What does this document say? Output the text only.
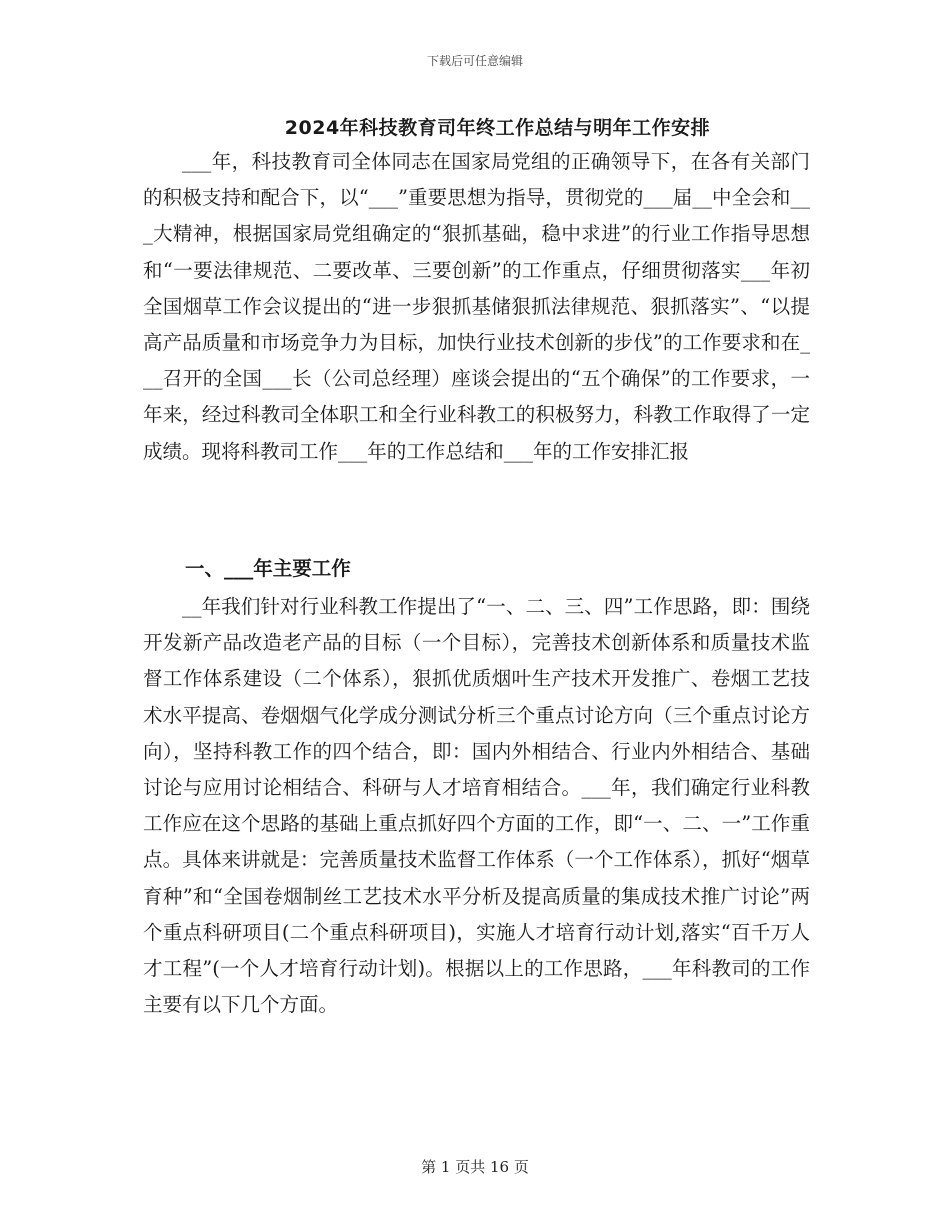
下载后可任意编辑
2024年科技教育司年终工作总结与明年工作安排

___年，科技教育司全体同志在国家局党组的正确领导下，在各有关部门的积极支持和配合下，以“___”重要思想为指导，贯彻党的___届__中全会和___大精神，根据国家局党组确定的“狠抓基础，稳中求进”的行业工作指导思想和“一要法律规范、二要改革、三要创新”的工作重点，仔细贯彻落实___年初全国烟草工作会议提出的“进一步狠抓基储狠抓法律规范、狠抓落实”、“以提高产品质量和市场竞争力为目标，加快行业技术创新的步伐”的工作要求和在___召开的全国___长（公司总经理）座谈会提出的“五个确保”的工作要求，一年来，经过科教司全体职工和全行业科教工的积极努力，科教工作取得了一定成绩。现将科教司工作___年的工作总结和___年的工作安排汇报

一、___年主要工作

__年我们针对行业科教工作提出了“一、二、三、四”工作思路，即：围绕开发新产品改造老产品的目标（一个目标），完善技术创新体系和质量技术监督工作体系建设（二个体系），狠抓优质烟叶生产技术开发推广、卷烟工艺技术水平提高、卷烟烟气化学成分测试分析三个重点讨论方向（三个重点讨论方向），坚持科教工作的四个结合，即：国内外相结合、行业内外相结合、基础讨论与应用讨论相结合、科研与人才培育相结合。___年，我们确定行业科教工作应在这个思路的基础上重点抓好四个方面的工作，即“一、二、一”工作重点。具体来讲就是：完善质量技术监督工作体系（一个工作体系），抓好“烟草育种”和“全国卷烟制丝工艺技术水平分析及提高质量的集成技术推广讨论”两个重点科研项目(二个重点科研项目)，实施人才培育行动计划,落实“百千万人才工程”(一个人才培育行动计划)。根据以上的工作思路，___年科教司的工作主要有以下几个方面。

第 1 页共 16 页
